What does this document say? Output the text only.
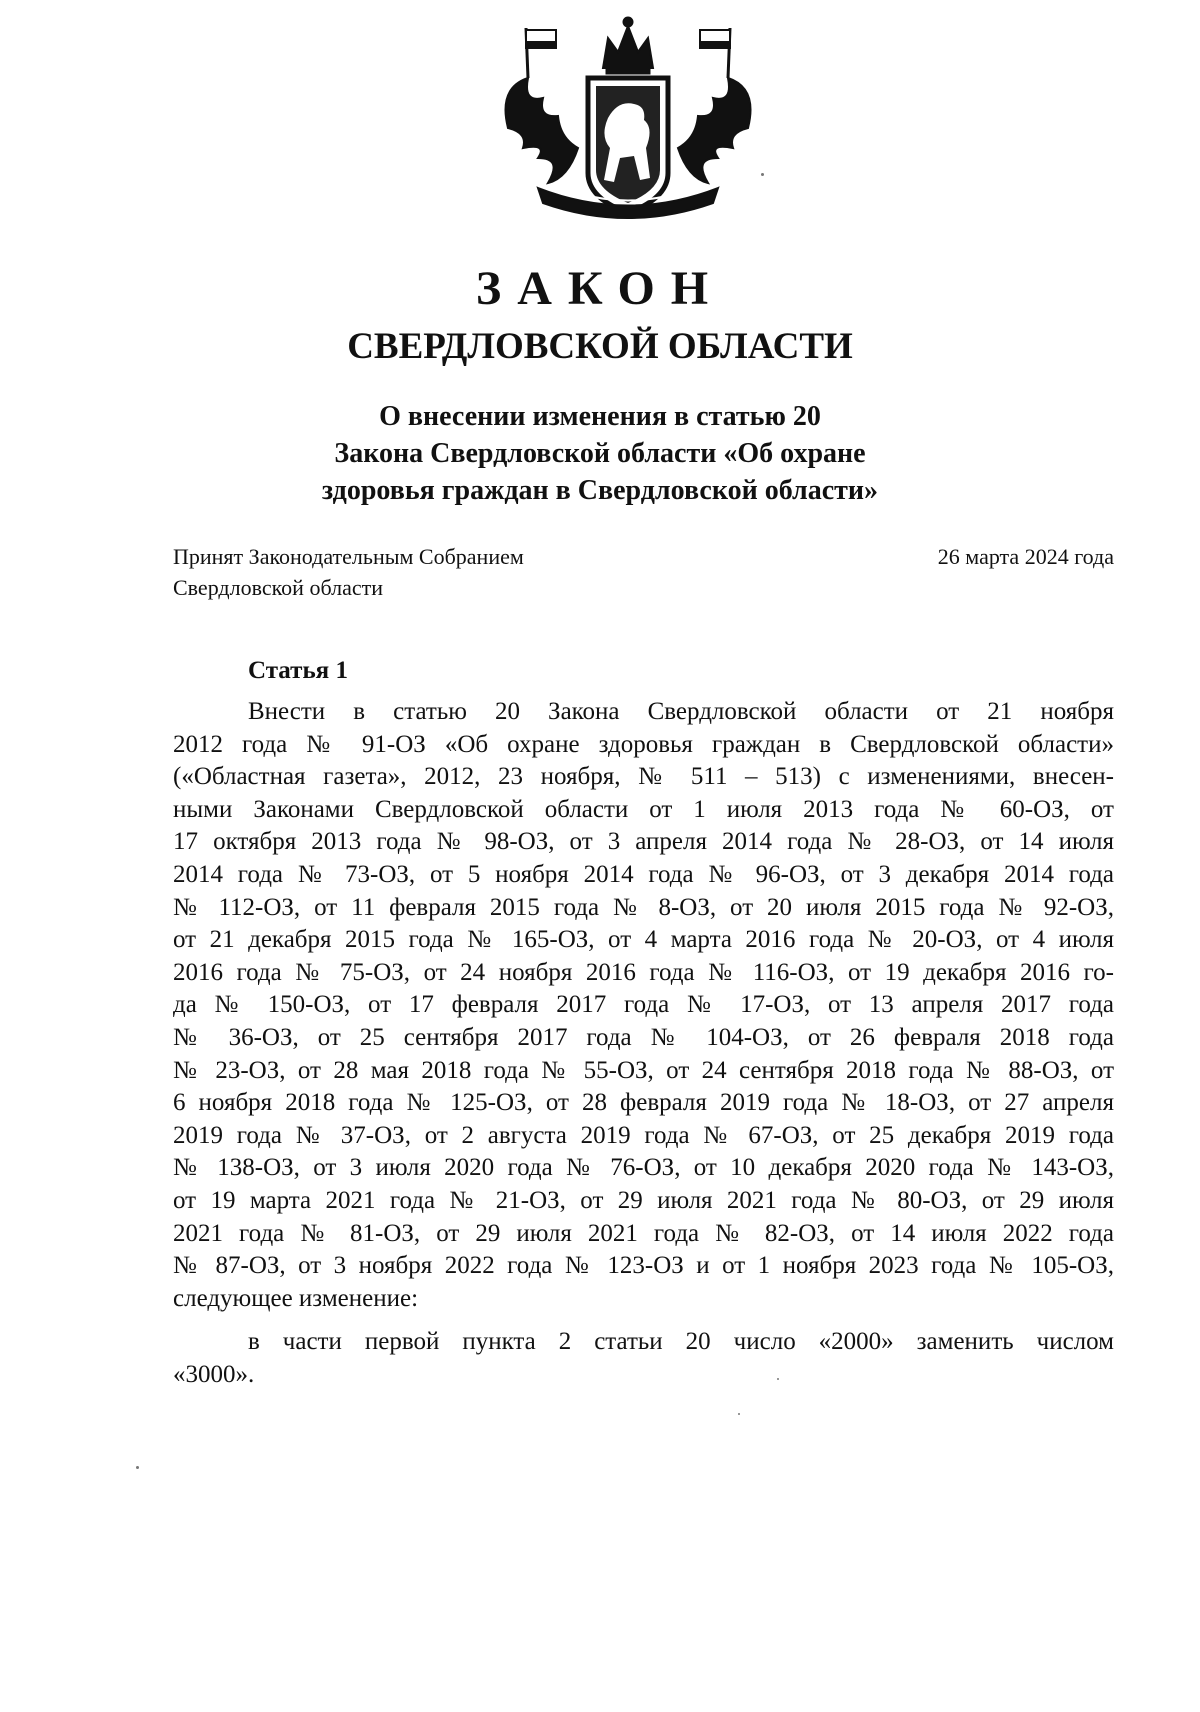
ЗАКОН
СВЕРДЛОВСКОЙ ОБЛАСТИ
О внесении изменения в статью 20
Закона Свердловской области «Об охране
здоровья граждан в Свердловской области»
Принят Законодательным Собранием
Свердловской области
26 марта 2024 года
Статья 1
Внести в статью 20 Закона Свердловской области от 21 ноября
2012 года № 91-ОЗ «Об охране здоровья граждан в Свердловской области»
(«Областная газета», 2012, 23 ноября, № 511 – 513) с изменениями, внесен-
ными Законами Свердловской области от 1 июля 2013 года № 60-ОЗ, от
17 октября 2013 года № 98-ОЗ, от 3 апреля 2014 года № 28-ОЗ, от 14 июля
2014 года № 73-ОЗ, от 5 ноября 2014 года № 96-ОЗ, от 3 декабря 2014 года
№ 112-ОЗ, от 11 февраля 2015 года № 8-ОЗ, от 20 июля 2015 года № 92-ОЗ,
от 21 декабря 2015 года № 165-ОЗ, от 4 марта 2016 года № 20-ОЗ, от 4 июля
2016 года № 75-ОЗ, от 24 ноября 2016 года № 116-ОЗ, от 19 декабря 2016 го-
да № 150-ОЗ, от 17 февраля 2017 года № 17-ОЗ, от 13 апреля 2017 года
№ 36-ОЗ, от 25 сентября 2017 года № 104-ОЗ, от 26 февраля 2018 года
№ 23-ОЗ, от 28 мая 2018 года № 55-ОЗ, от 24 сентября 2018 года № 88-ОЗ, от
6 ноября 2018 года № 125-ОЗ, от 28 февраля 2019 года № 18-ОЗ, от 27 апреля
2019 года № 37-ОЗ, от 2 августа 2019 года № 67-ОЗ, от 25 декабря 2019 года
№ 138-ОЗ, от 3 июля 2020 года № 76-ОЗ, от 10 декабря 2020 года № 143-ОЗ,
от 19 марта 2021 года № 21-ОЗ, от 29 июля 2021 года № 80-ОЗ, от 29 июля
2021 года № 81-ОЗ, от 29 июля 2021 года № 82-ОЗ, от 14 июля 2022 года
№ 87-ОЗ, от 3 ноября 2022 года № 123-ОЗ и от 1 ноября 2023 года № 105-ОЗ,
следующее изменение:
в части первой пункта 2 статьи 20 число «2000» заменить числом
«3000».
